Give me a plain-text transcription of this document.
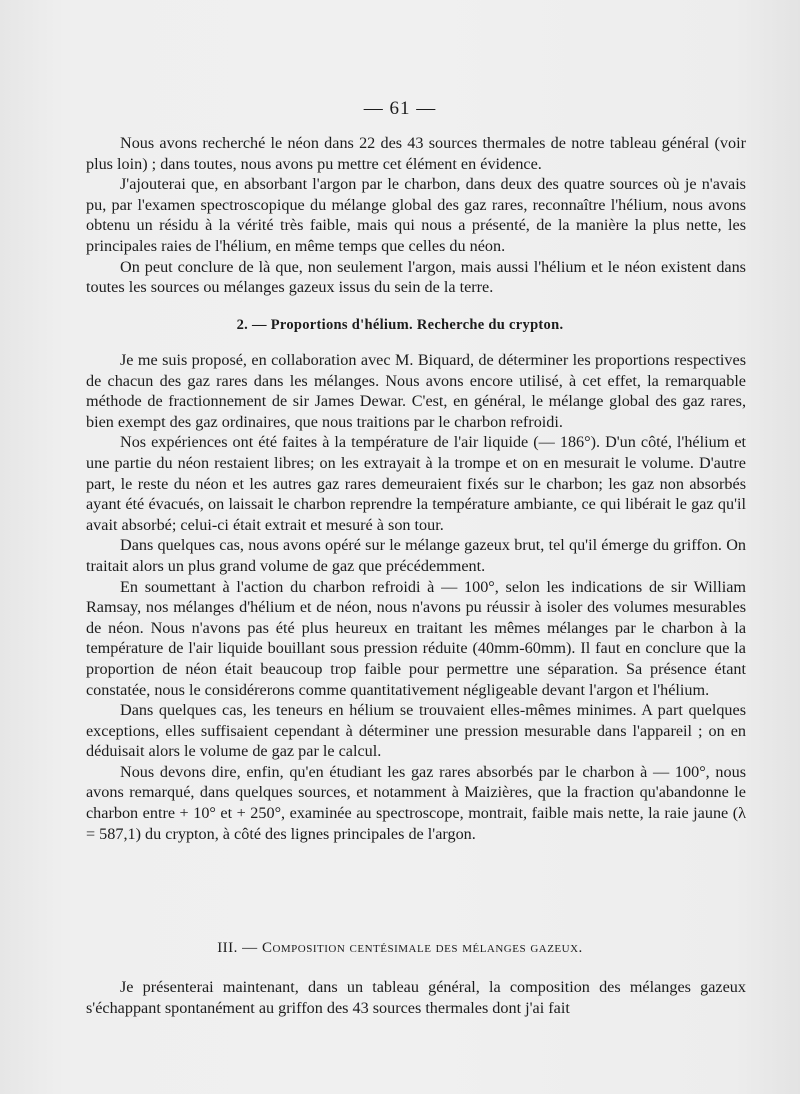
— 61 —

Nous avons recherché le néon dans 22 des 43 sources thermales de notre tableau général (voir plus loin) ; dans toutes, nous avons pu mettre cet élément en évidence.

J'ajouterai que, en absorbant l'argon par le charbon, dans deux des quatre sources où je n'avais pu, par l'examen spectroscopique du mélange global des gaz rares, reconnaître l'hélium, nous avons obtenu un résidu à la vérité très faible, mais qui nous a présenté, de la manière la plus nette, les principales raies de l'hélium, en même temps que celles du néon.

On peut conclure de là que, non seulement l'argon, mais aussi l'hélium et le néon existent dans toutes les sources ou mélanges gazeux issus du sein de la terre.

2. — Proportions d'hélium. Recherche du crypton.

Je me suis proposé, en collaboration avec M. Biquard, de déterminer les proportions respectives de chacun des gaz rares dans les mélanges. Nous avons encore utilisé, à cet effet, la remarquable méthode de fractionnement de sir James Dewar. C'est, en général, le mélange global des gaz rares, bien exempt des gaz ordinaires, que nous traitions par le charbon refroidi.

Nos expériences ont été faites à la température de l'air liquide (— 186°). D'un côté, l'hélium et une partie du néon restaient libres; on les extrayait à la trompe et on en mesurait le volume. D'autre part, le reste du néon et les autres gaz rares demeuraient fixés sur le charbon; les gaz non absorbés ayant été évacués, on laissait le charbon reprendre la température ambiante, ce qui libérait le gaz qu'il avait absorbé; celui-ci était extrait et mesuré à son tour.

Dans quelques cas, nous avons opéré sur le mélange gazeux brut, tel qu'il émerge du griffon. On traitait alors un plus grand volume de gaz que précédemment.

En soumettant à l'action du charbon refroidi à — 100°, selon les indications de sir William Ramsay, nos mélanges d'hélium et de néon, nous n'avons pu réussir à isoler des volumes mesurables de néon. Nous n'avons pas été plus heureux en traitant les mêmes mélanges par le charbon à la température de l'air liquide bouillant sous pression réduite (40mm-60mm). Il faut en conclure que la proportion de néon était beaucoup trop faible pour permettre une séparation. Sa présence étant constatée, nous le considérerons comme quantitativement négligeable devant l'argon et l'hélium.

Dans quelques cas, les teneurs en hélium se trouvaient elles-mêmes minimes. A part quelques exceptions, elles suffisaient cependant à déterminer une pression mesurable dans l'appareil ; on en déduisait alors le volume de gaz par le calcul.

Nous devons dire, enfin, qu'en étudiant les gaz rares absorbés par le charbon à — 100°, nous avons remarqué, dans quelques sources, et notamment à Maizières, que la fraction qu'abandonne le charbon entre + 10° et + 250°, examinée au spectroscope, montrait, faible mais nette, la raie jaune (λ = 587,1) du crypton, à côté des lignes principales de l'argon.

III. — Composition centésimale des mélanges gazeux.

Je présenterai maintenant, dans un tableau général, la composition des mélanges gazeux s'échappant spontanément au griffon des 43 sources thermales dont j'ai fait
